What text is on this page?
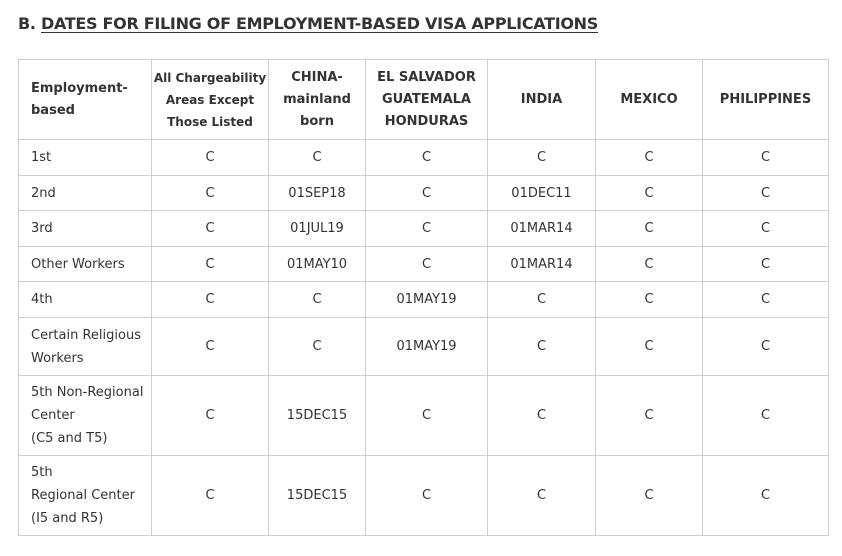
B. DATES FOR FILING OF EMPLOYMENT-BASED VISA APPLICATIONS
Employment-
based	All Chargeability
Areas Except
Those Listed	CHINA-
mainland
born	EL SALVADOR
GUATEMALA
HONDURAS	INDIA	MEXICO	PHILIPPINES

1st	C	C	C	C	C	C

2nd	C	01SEP18	C	01DEC11	C	C

3rd	C	01JUL19	C	01MAR14	C	C

Other Workers	C	01MAY10	C	01MAR14	C	C

4th	C	C	01MAY19	C	C	C

Certain Religious
Workers	C	C	01MAY19	C	C	C

5th Non-Regional
Center
(C5 and T5)	C	15DEC15	C	C	C	C

5th
Regional Center
(I5 and R5)	C	15DEC15	C	C	C	C
